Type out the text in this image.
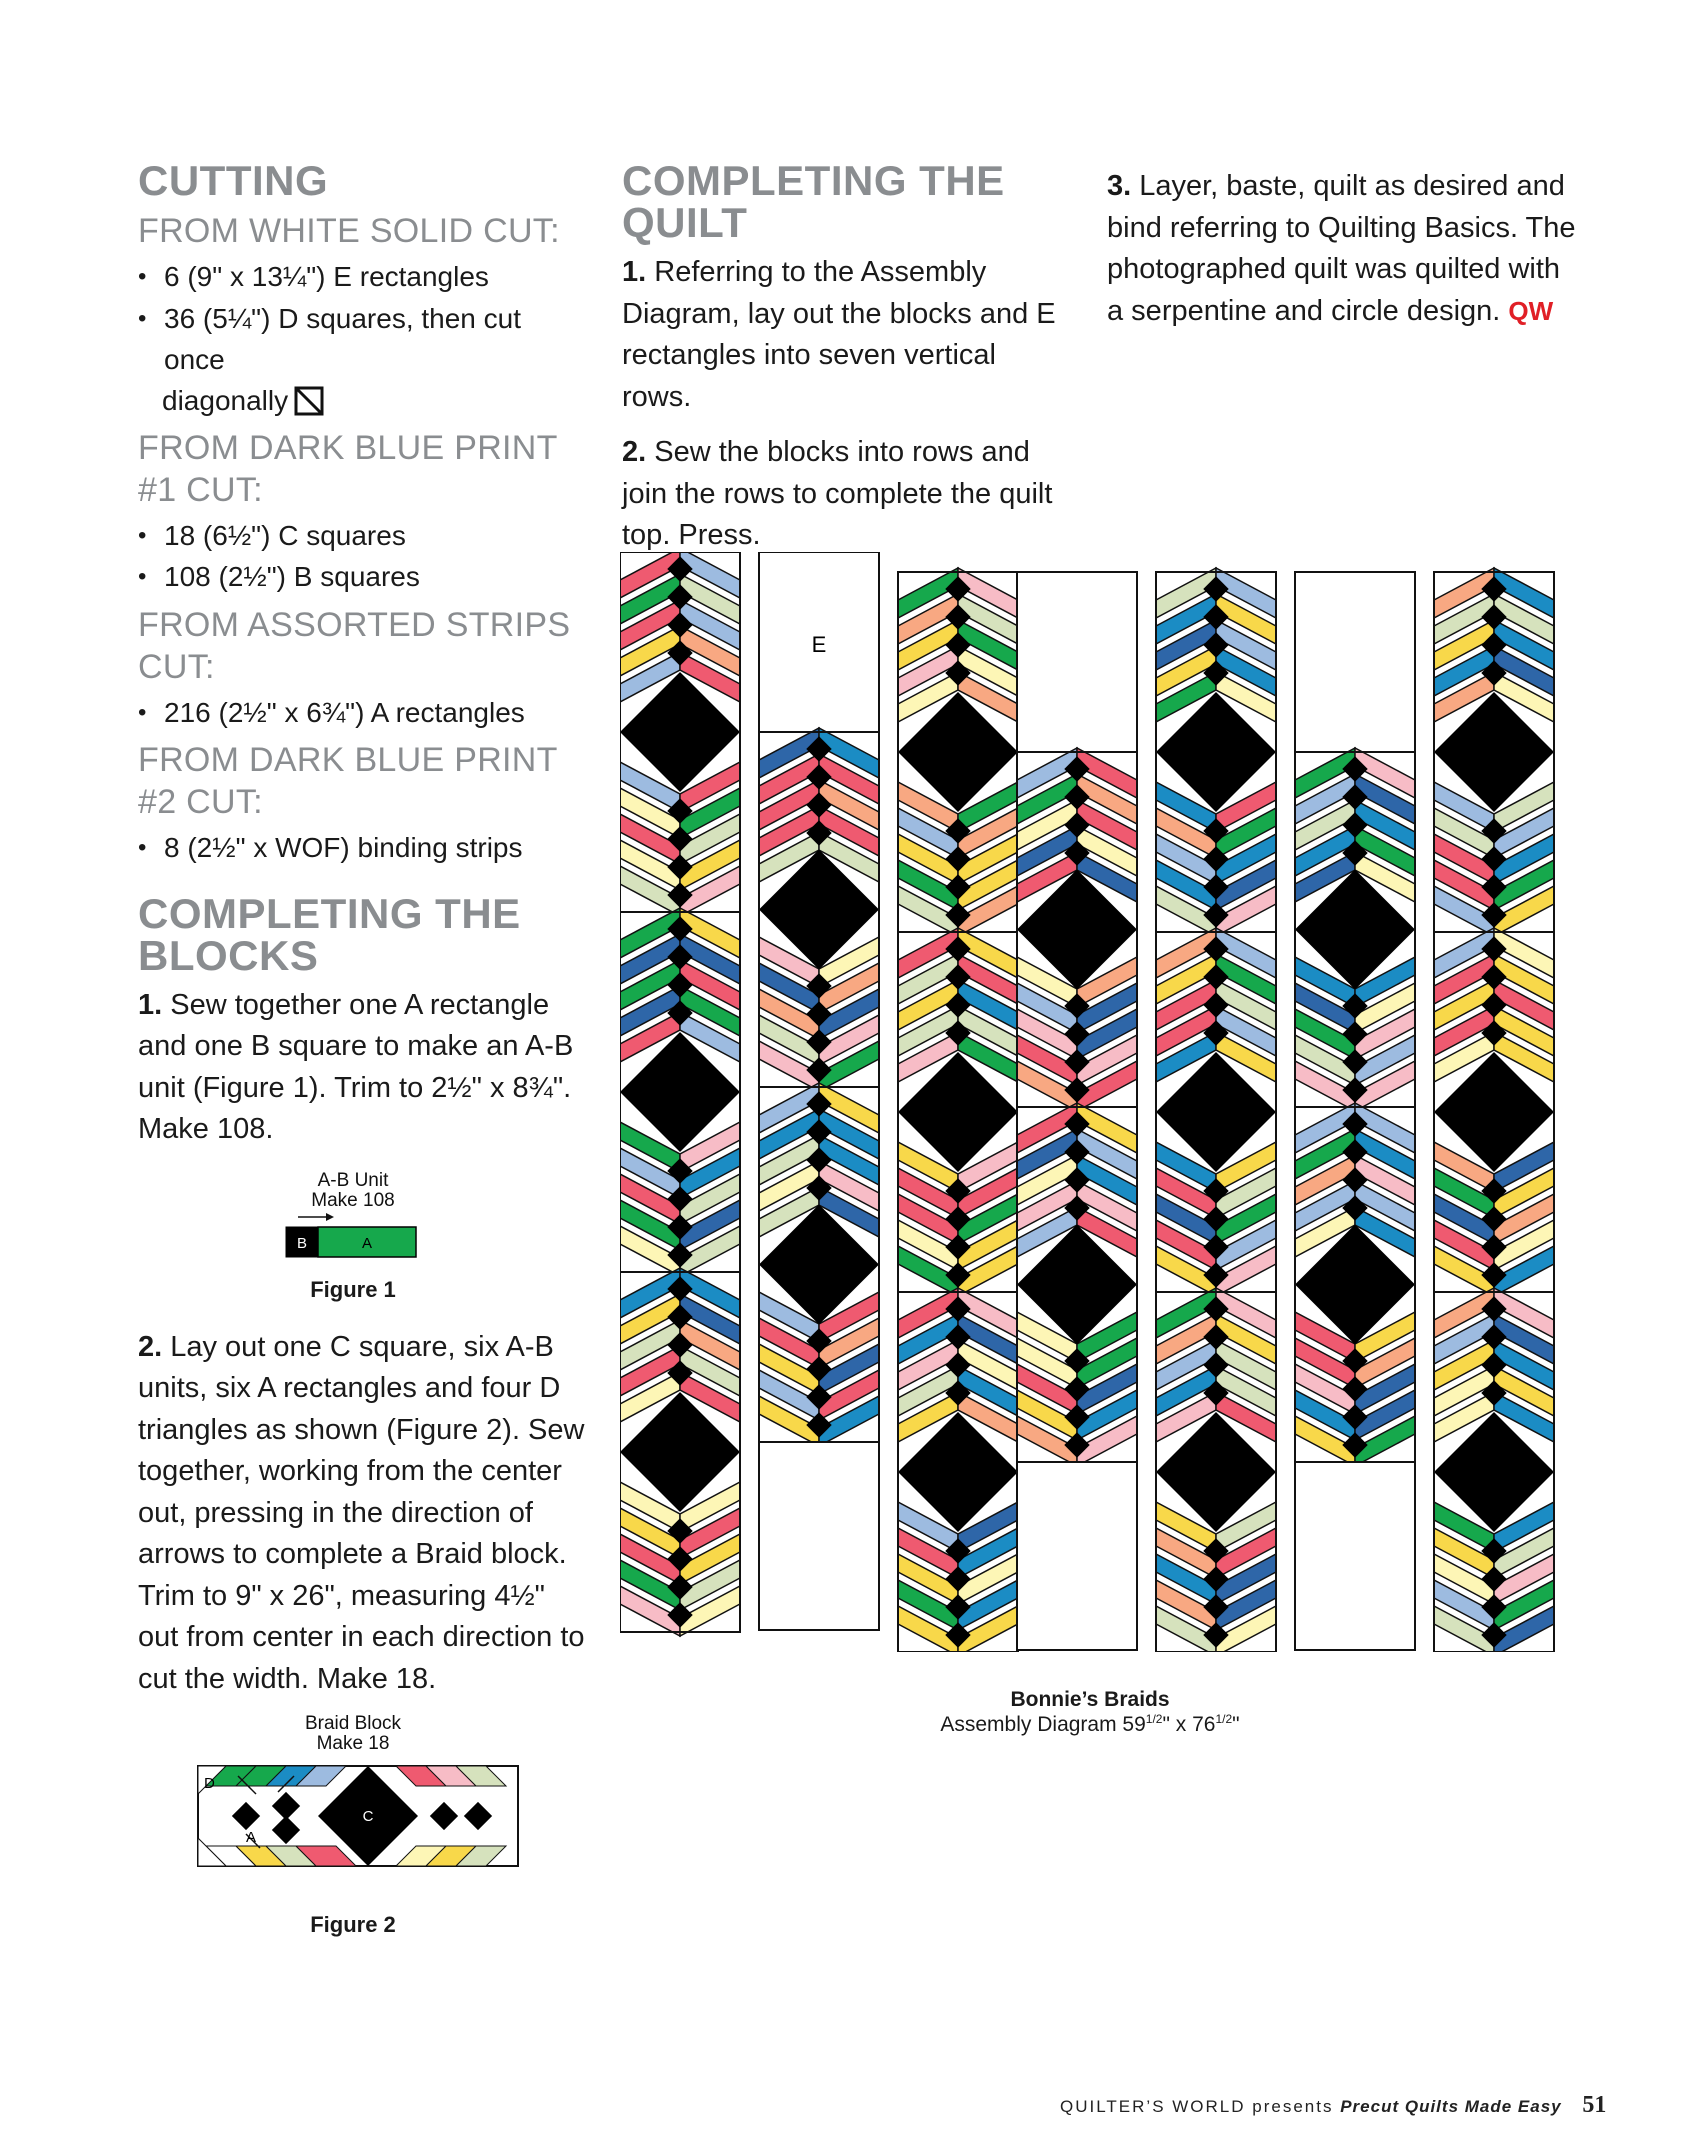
CUTTING
FROM WHITE SOLID CUT:
• 6 (9" x 13¼") E rectangles
• 36 (5¼") D squares, then cut once
diagonally
FROM DARK BLUE PRINT
#1 CUT:
• 18 (6½") C squares
• 108 (2½") B squares
FROM ASSORTED STRIPS
CUT:
• 216 (2½" x 6¾") A rectangles
FROM DARK BLUE PRINT
#2 CUT:
• 8 (2½" x WOF) binding strips
COMPLETING THE
BLOCKS

1. Sew together one A rectangle and one B square to make an A-B unit (Figure 1). Trim to 2½" x 8¾". Make 108.

A-B Unit
Make 108
B	A
Figure 1

2. Lay out one C square, six A-B units, six A rectangles and four D triangles as shown (Figure 2). Sew together, working from the center out, pressing in the direction of arrows to complete a Braid block. Trim to 9" x 26", measuring 4½" out from center in each direction to cut the width. Make 18.

Braid Block
Make 18
D
A
C
Figure 2
COMPLETING THE
QUILT

1. Referring to the Assembly Diagram, lay out the blocks and E rectangles into seven vertical rows.

2. Sew the blocks into rows and join the rows to complete the quilt top. Press.

3. Layer, baste, quilt as desired and bind referring to Quilting Basics. The photographed quilt was quilted with a serpentine and circle design. QW

E
Bonnie’s Braids
Assembly Diagram $59^{1/2}$" x $76^{1/2}$"
QUILTER’S WORLD presents Precut Quilts Made Easy 51
